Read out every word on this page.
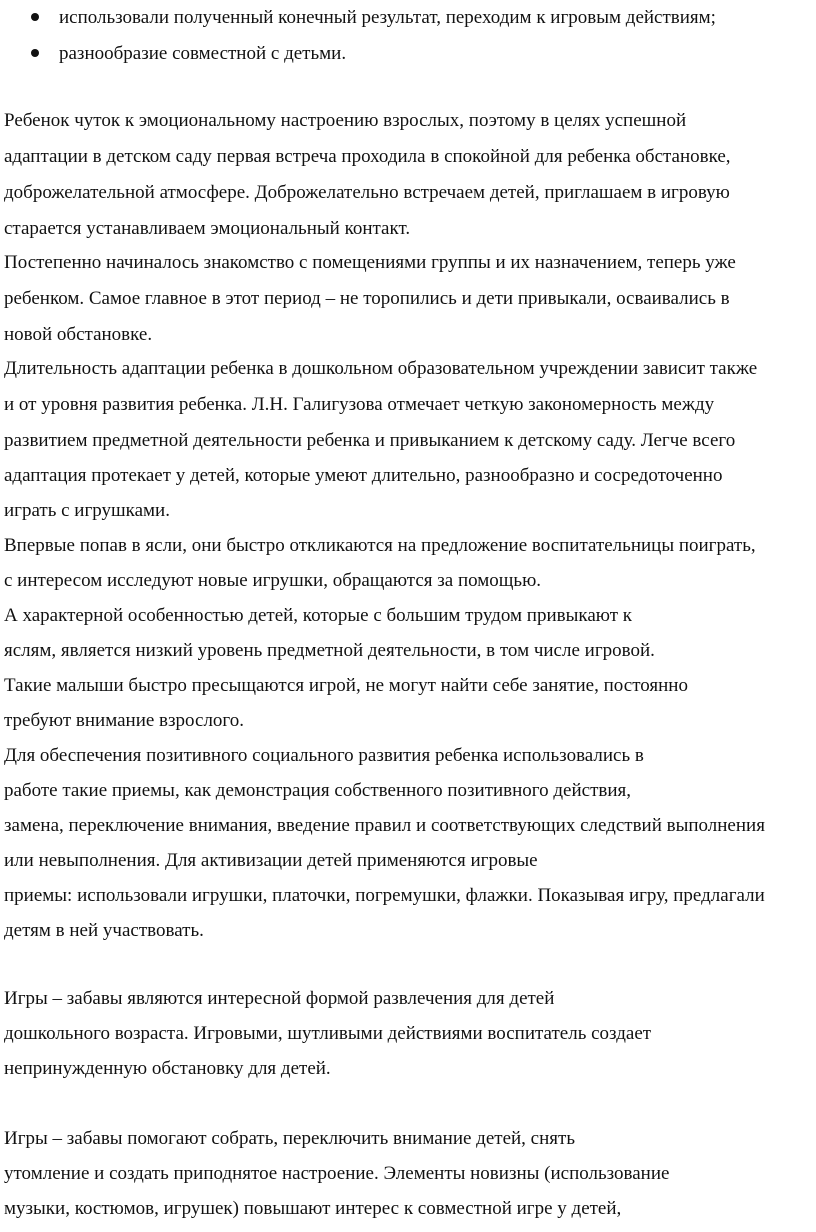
использовали полученный конечный результат, переходим к игровым действиям;
разнообразие совместной с детьми.
Ребенок чуток к эмоциональному настроению взрослых, поэтому в целях успешной
адаптации в детском саду первая встреча проходила в спокойной для ребенка обстановке,
доброжелательной атмосфере. Доброжелательно встречаем детей, приглашаем в игровую
старается устанавливаем эмоциональный контакт.
Постепенно начиналось знакомство с помещениями группы и их назначением, теперь уже
ребенком. Самое главное в этот период – не торопились и дети привыкали, осваивались в
новой обстановке.
Длительность адаптации ребенка в дошкольном образовательном учреждении зависит также
и от уровня развития ребенка. Л.Н. Галигузова отмечает четкую закономерность между
развитием предметной деятельности ребенка и привыканием к детскому саду. Легче всего
адаптация протекает у детей, которые умеют длительно, разнообразно и сосредоточенно
играть с игрушками.
Впервые попав в ясли, они быстро откликаются на предложение воспитательницы поиграть,
с интересом исследуют новые игрушки, обращаются за помощью.
А характерной особенностью детей, которые с большим трудом привыкают к
яслям, является низкий уровень предметной деятельности, в том числе игровой.
Такие малыши быстро пресыщаются игрой, не могут найти себе занятие, постоянно
требуют внимание взрослого.
Для обеспечения позитивного социального развития ребенка использовались в
работе такие приемы, как демонстрация собственного позитивного действия,
замена, переключение внимания, введение правил и соответствующих следствий выполнения
или невыполнения. Для активизации детей применяются игровые
приемы: использовали игрушки, платочки, погремушки, флажки. Показывая игру, предлагали
детям в ней участвовать.
Игры – забавы являются интересной формой развлечения для детей
дошкольного возраста. Игровыми, шутливыми действиями воспитатель создает
непринужденную обстановку для детей.
Игры – забавы помогают собрать, переключить внимание детей, снять
утомление и создать приподнятое настроение. Элементы новизны (использование
музыки, костюмов, игрушек) повышают интерес к совместной игре у детей,
